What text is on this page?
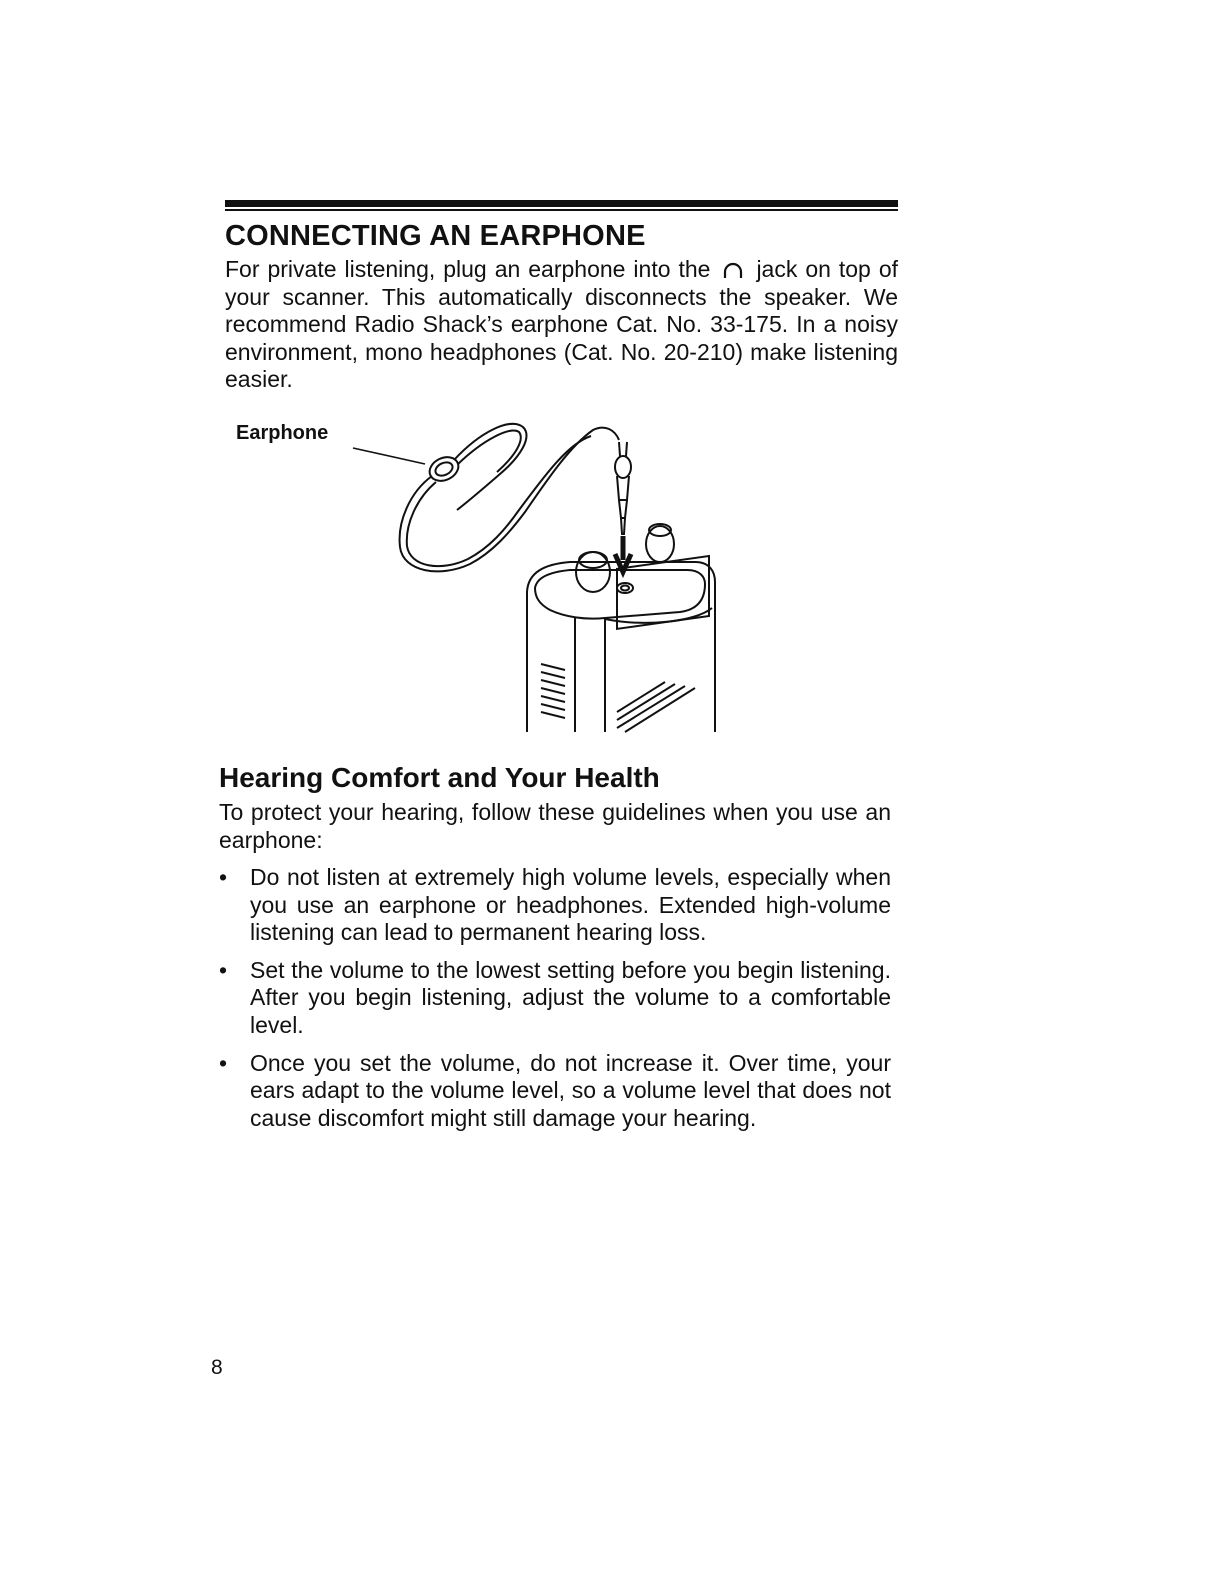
CONNECTING AN EARPHONE

For private listening, plug an earphone into the jack on top of your scanner. This automatically disconnects the speaker. We recommend Radio Shack’s earphone Cat. No. 33-175. In a noisy environment, mono headphones (Cat. No. 20-210) make listening easier.

Earphone
Hearing Comfort and Your Health

To protect your hearing, follow these guidelines when you use an earphone:

• Do not listen at extremely high volume levels, especially when you use an earphone or headphones. Extended high-volume listening can lead to permanent hearing loss.
• Set the volume to the lowest setting before you begin listening. After you begin listening, adjust the volume to a comfortable level.
• Once you set the volume, do not increase it. Over time, your ears adapt to the volume level, so a volume level that does not cause discomfort might still damage your hearing.
8
